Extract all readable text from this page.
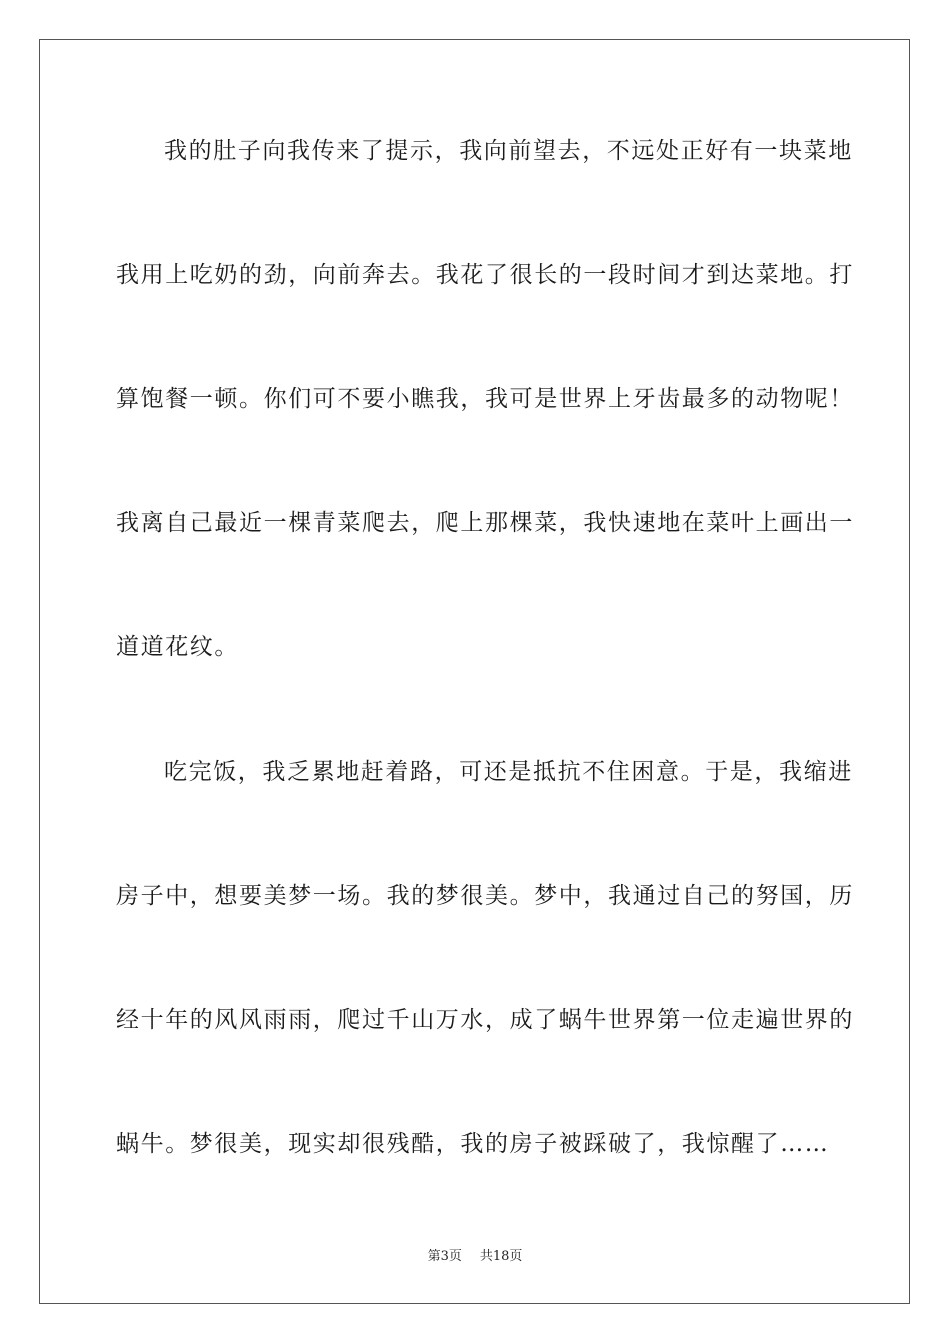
我的肚子向我传来了提示，我向前望去，不远处正好有一块菜地
我用上吃奶的劲，向前奔去。我花了很长的一段时间才到达菜地。打
算饱餐一顿。你们可不要小瞧我，我可是世界上牙齿最多的动物呢！
我离自己最近一棵青菜爬去，爬上那棵菜，我快速地在菜叶上画出一
道道花纹。
吃完饭，我乏累地赶着路，可还是抵抗不住困意。于是，我缩进
房子中，想要美梦一场。我的梦很美。梦中，我通过自己的努国，历
经十年的风风雨雨，爬过千山万水，成了蜗牛世界第一位走遍世界的
蜗牛。梦很美，现实却很残酷，我的房子被踩破了，我惊醒了……
第3页 共18页
